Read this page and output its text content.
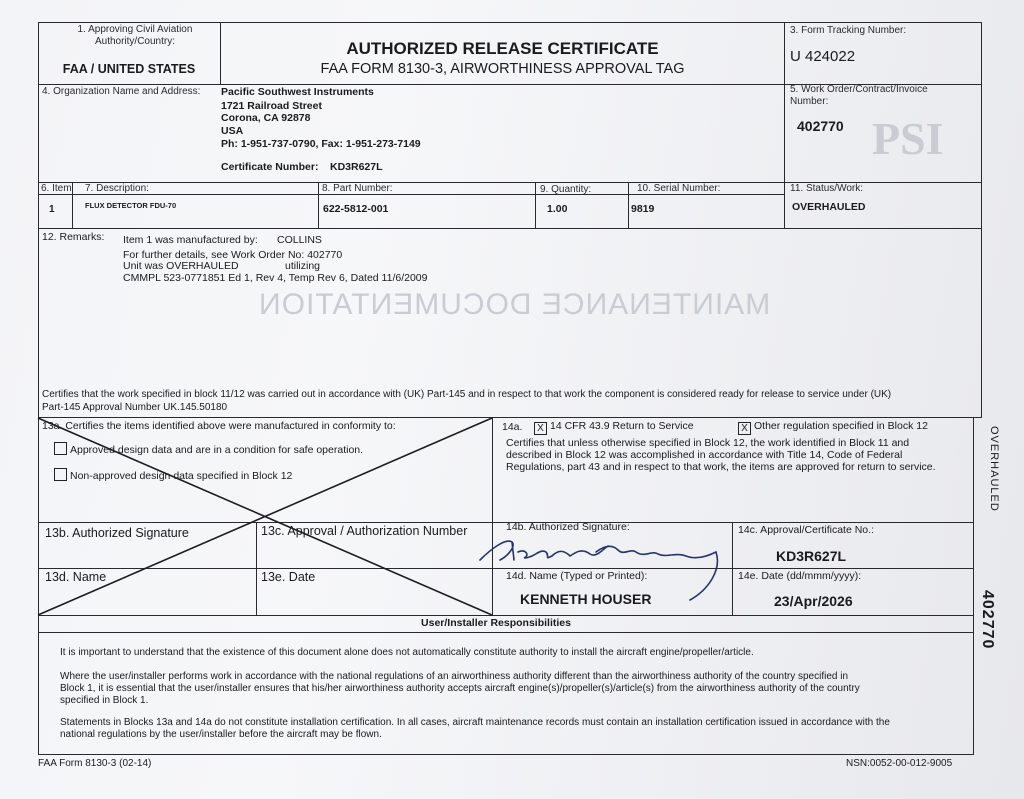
PSI
MAINTENANCE DOCUMENTATION
1. Approving Civil Aviation Authority/Country:
FAA / UNITED STATES
AUTHORIZED RELEASE CERTIFICATE
FAA FORM 8130-3, AIRWORTHINESS APPROVAL TAG
3. Form Tracking Number:
U 424022
4. Organization Name and Address: Pacific Southwest Instruments
1721 Railroad Street
Corona, CA 92878
USA
Ph: 1-951-737-0790, Fax: 1-951-273-7149
Certificate Number: KD3R627L
5. Work Order/Contract/Invoice Number:
402770
6. Item 7. Description:	8. Part Number:	9. Quantity:	10. Serial Number:	11. Status/Work:
1	FLUX DETECTOR FDU-70	622-5812-001	1.00	9819	OVERHAULED
12. Remarks: Item 1 was manufactured by: COLLINS
For further details, see Work Order No: 402770
Unit was OVERHAULED	utilizing
CMMPL 523-0771851 Ed 1, Rev 4, Temp Rev 6, Dated 11/6/2009
Certifies that the work specified in block 11/12 was carried out in accordance with (UK) Part-145 and in respect to that work the component is considered ready for release to service under (UK)
Part-145 Approval Number UK.145.50180
13a. Certifies the items identified above were manufactured in conformity to:
Approved design data and are in a condition for safe operation.
Non-approved design data specified in Block 12
13b. Authorized Signature	13c. Approval / Authorization Number
13d. Name	13e. Date
14a.	X 14 CFR 43.9 Return to Service	X Other regulation specified in Block 12
Certifies that unless otherwise specified in Block 12, the work identified in Block 11 and
described in Block 12 was accomplished in accordance with Title 14, Code of Federal
Regulations, part 43 and in respect to that work, the items are approved for return to service.
14b. Authorized Signature:	14c. Approval/Certificate No.:
KD3R627L
14d. Name (Typed or Printed):
KENNETH HOUSER
14e. Date (dd/mmm/yyyy):
23/Apr/2026
User/Installer Responsibilities
It is important to understand that the existence of this document alone does not automatically constitute authority to install the aircraft engine/propeller/article.
Where the user/installer performs work in accordance with the national regulations of an airworthiness authority different than the airworthiness authority of the country specified in
Block 1, it is essential that the user/installer ensures that his/her airworthiness authority accepts aircraft engine(s)/propeller(s)/article(s) from the airworthiness authority of the country
specified in Block 1.
Statements in Blocks 13a and 14a do not constitute installation certification. In all cases, aircraft maintenance records must contain an installation certification issued in accordance with the
national regulations by the user/installer before the aircraft may be flown.
FAA Form 8130-3 (02-14)	NSN:0052-00-012-9005
OVERHAULED
402770
